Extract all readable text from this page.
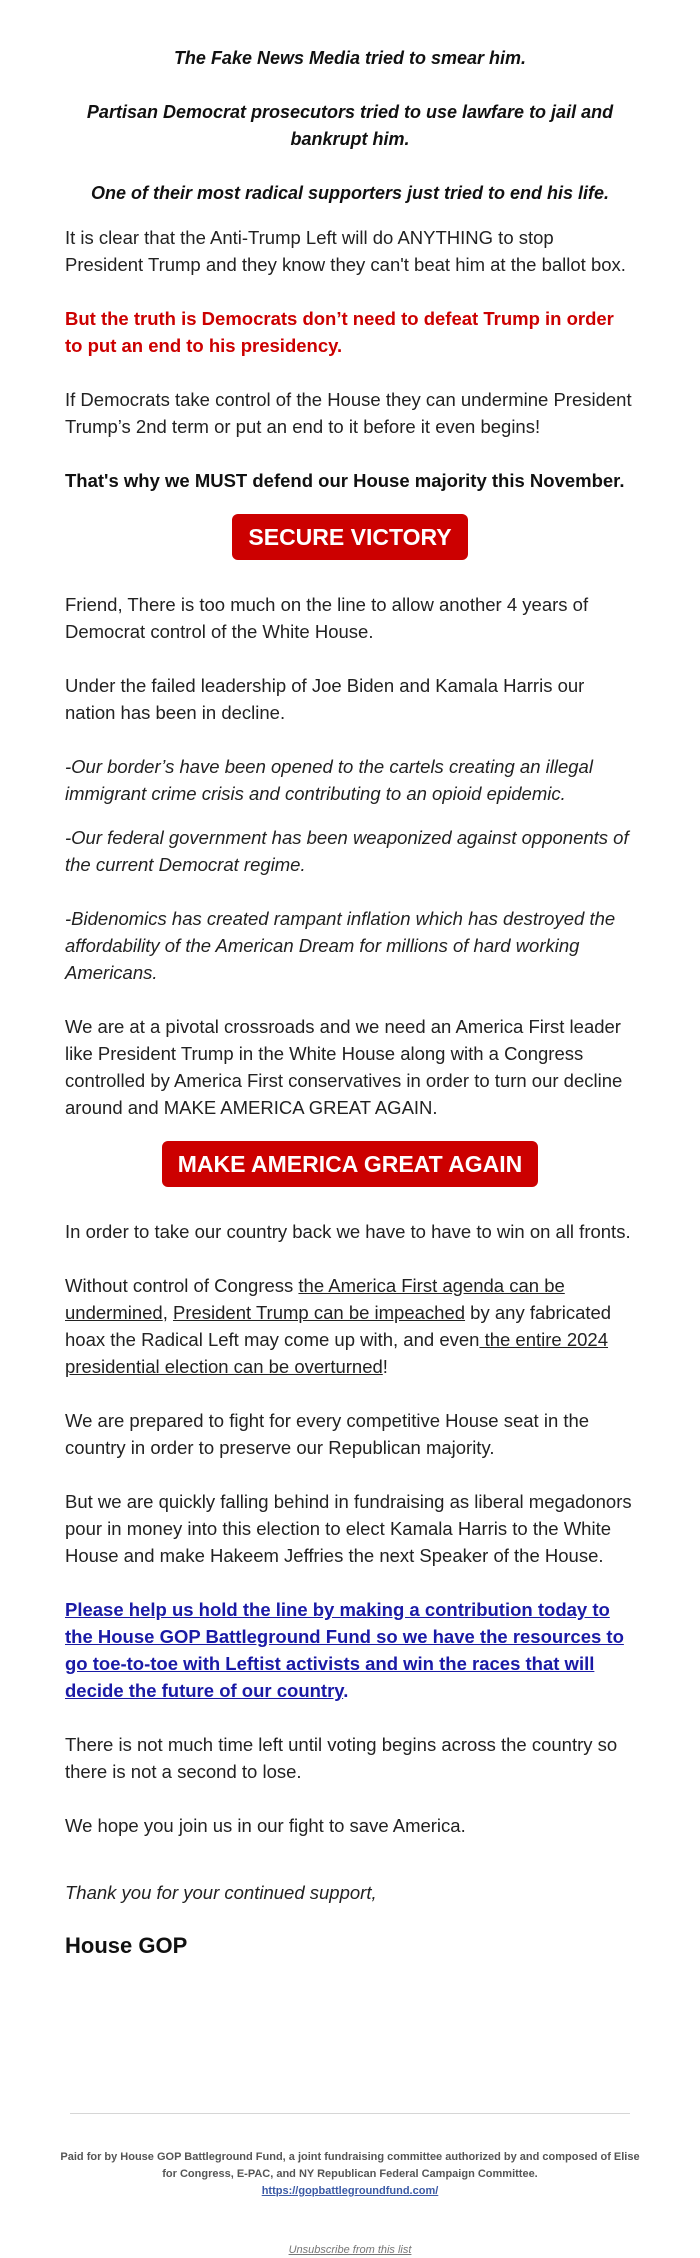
The Fake News Media tried to smear him.

Partisan Democrat prosecutors tried to use lawfare to jail and bankrupt him.

One of their most radical supporters just tried to end his life.

It is clear that the Anti-Trump Left will do ANYTHING to stop President Trump and they know they can't beat him at the ballot box.

But the truth is Democrats don’t need to defeat Trump in order to put an end to his presidency.

If Democrats take control of the House they can undermine President Trump’s 2nd term or put an end to it before it even begins!

That's why we MUST defend our House majority this November.

SECURE VICTORY

Friend, There is too much on the line to allow another 4 years of Democrat control of the White House.

Under the failed leadership of Joe Biden and Kamala Harris our nation has been in decline.

-Our border’s have been opened to the cartels creating an illegal immigrant crime crisis and contributing to an opioid epidemic.

-Our federal government has been weaponized against opponents of the current Democrat regime.

-Bidenomics has created rampant inflation which has destroyed the affordability of the American Dream for millions of hard working Americans.

We are at a pivotal crossroads and we need an America First leader like President Trump in the White House along with a Congress controlled by America First conservatives in order to turn our decline around and MAKE AMERICA GREAT AGAIN.

MAKE AMERICA GREAT AGAIN

In order to take our country back we have to have to win on all fronts.

Without control of Congress the America First agenda can be undermined, President Trump can be impeached by any fabricated hoax the Radical Left may come up with, and even the entire 2024 presidential election can be overturned!

We are prepared to fight for every competitive House seat in the country in order to preserve our Republican majority.

But we are quickly falling behind in fundraising as liberal megadonors pour in money into this election to elect Kamala Harris to the White House and make Hakeem Jeffries the next Speaker of the House.

Please help us hold the line by making a contribution today to the House GOP Battleground Fund so we have the resources to go toe-to-toe with Leftist activists and win the races that will decide the future of our country.

There is not much time left until voting begins across the country so there is not a second to lose.

We hope you join us in our fight to save America.

Thank you for your continued support,

House GOP

Paid for by House GOP Battleground Fund, a joint fundraising committee authorized by and composed of Elise for Congress, E-PAC, and NY Republican Federal Campaign Committee.

https://gopbattlegroundfund.com/

Unsubscribe from this list
